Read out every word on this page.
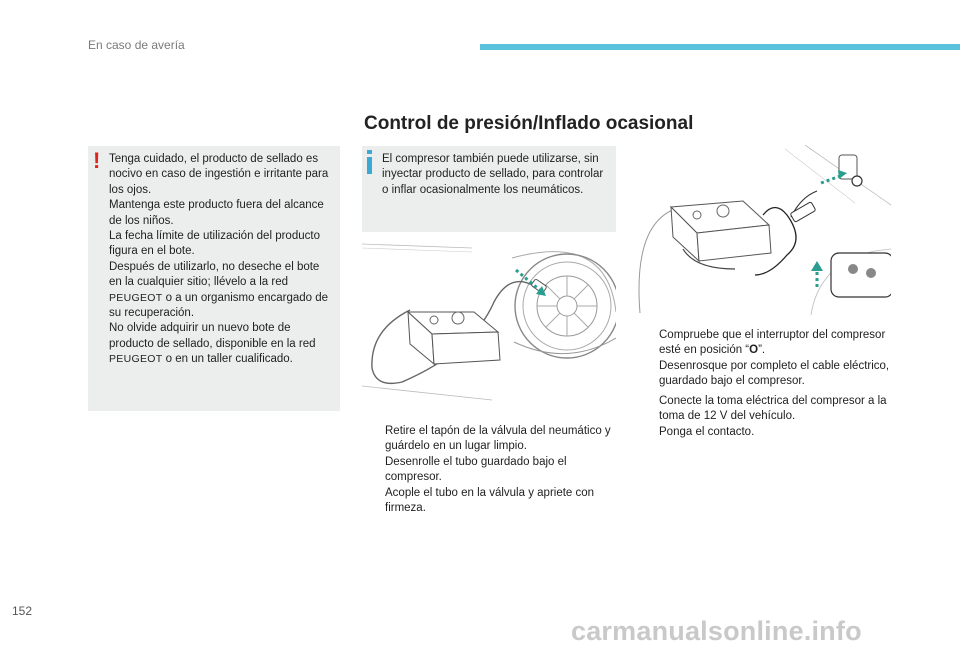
En caso de avería
Control de presión/Inflado ocasional
! Tenga cuidado, el producto de sellado es nocivo en caso de ingestión e irritante para los ojos.
Mantenga este producto fuera del alcance de los niños.
La fecha límite de utilización del producto figura en el bote.
Después de utilizarlo, no deseche el bote en la cualquier sitio; llévelo a la red PEUGEOT o a un organismo encargado de su recuperación.
No olvide adquirir un nuevo bote de producto de sellado, disponible en la red PEUGEOT o en un taller cualificado.

El compresor también puede utilizarse, sin inyectar producto de sellado, para controlar o inflar ocasionalmente los neumáticos.

Retire el tapón de la válvula del neumático y guárdelo en un lugar limpio.
Desenrolle el tubo guardado bajo el compresor.
Acople el tubo en la válvula y apriete con firmeza.
Compruebe que el interruptor del compresor esté en posición “O”.
Desenrosque por completo el cable eléctrico, guardado bajo el compresor.
Conecte la toma eléctrica del compresor a la toma de 12 V del vehículo.
Ponga el contacto.
152
carmanualsonline.info
